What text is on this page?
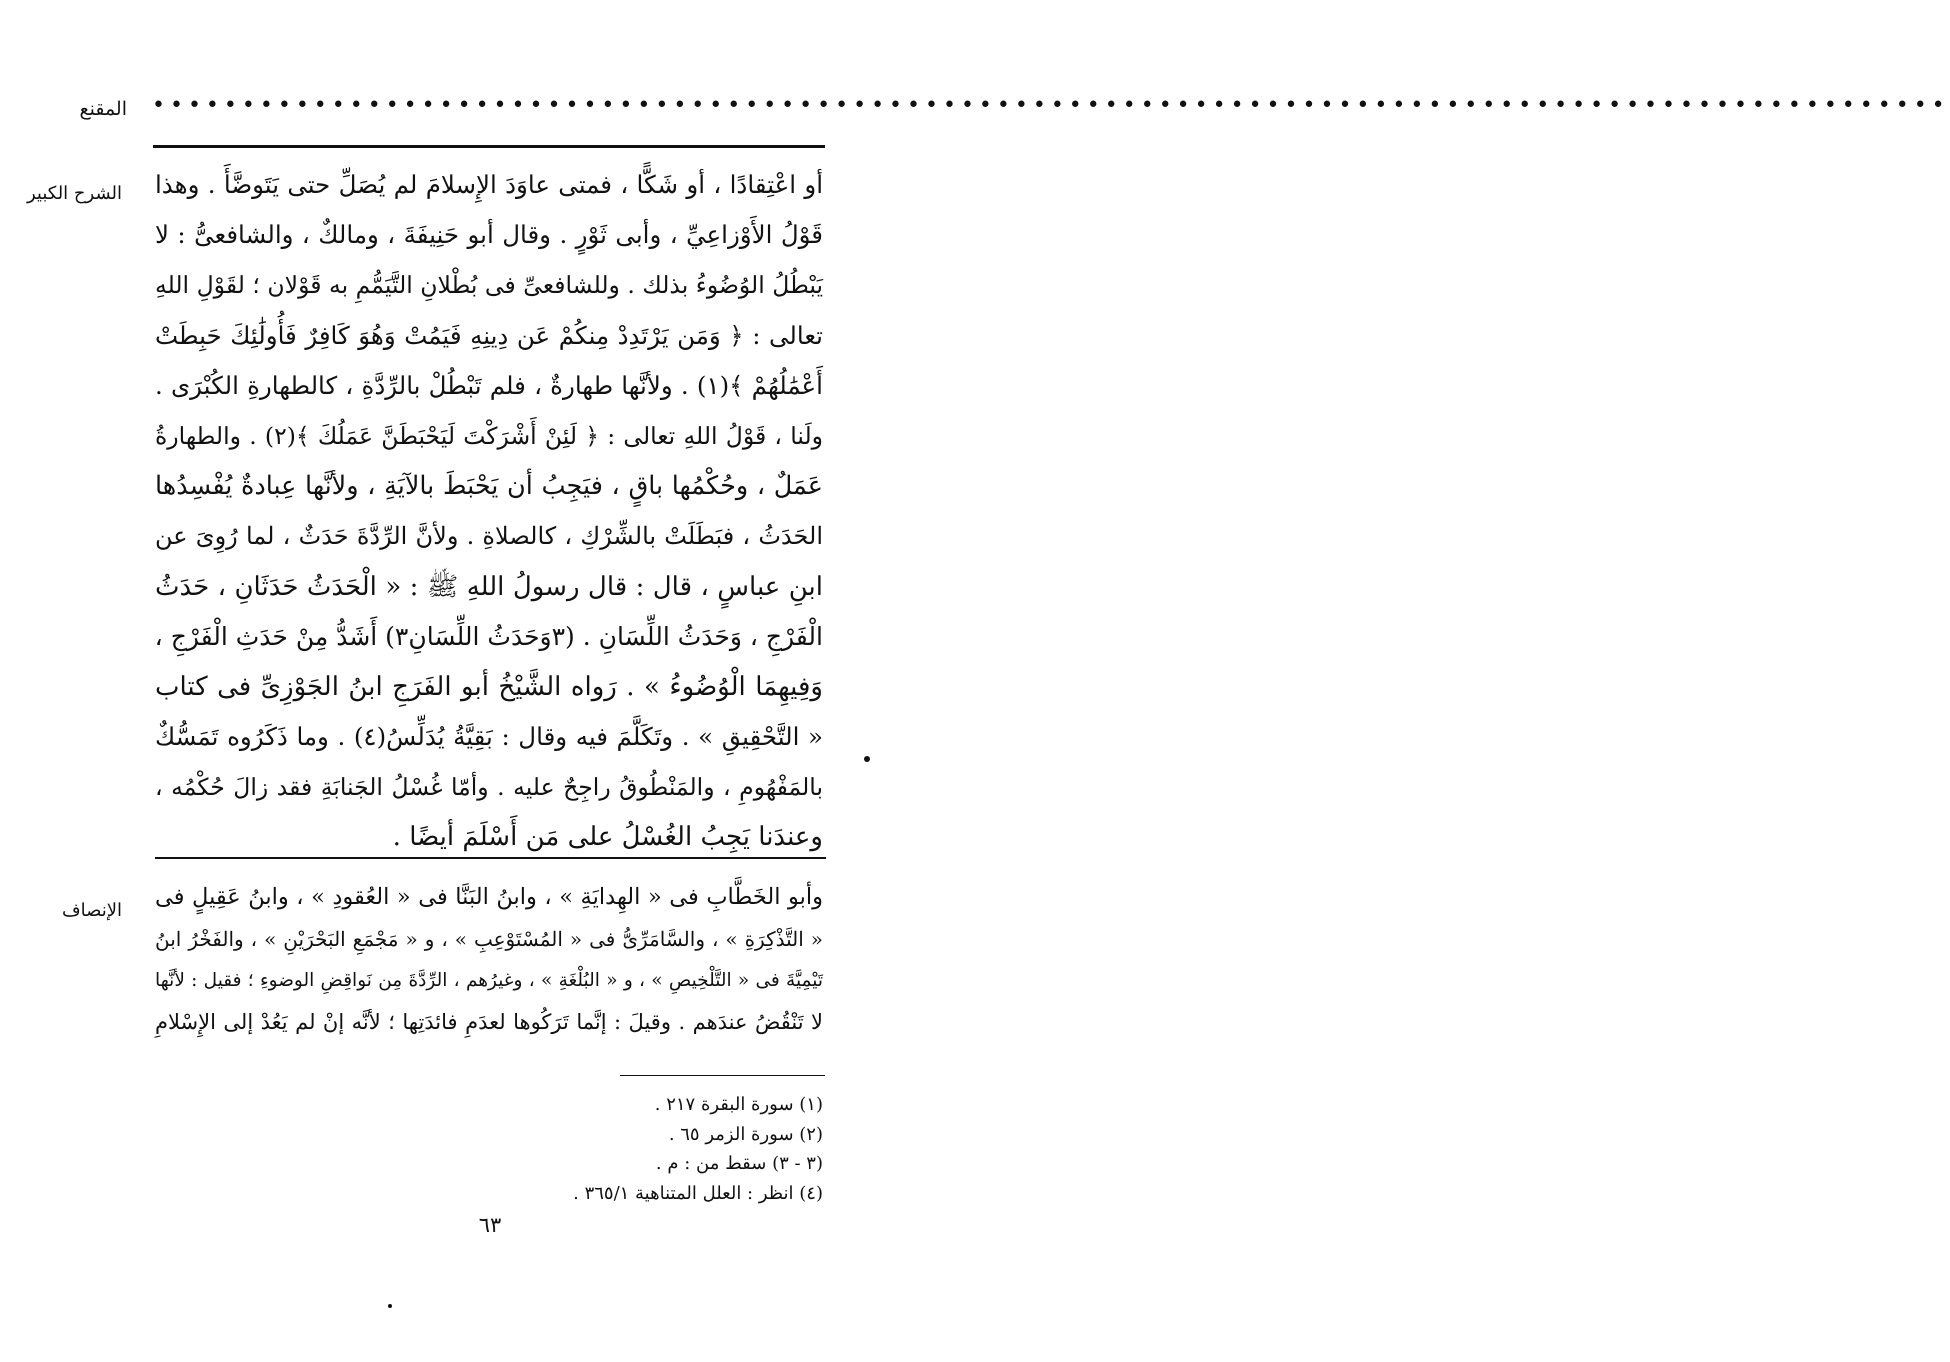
المقنع ••••••••••••••••••••••••••••••••••••••••••••••••••••••••••••••••••••••••••••••••••••••••••••••••••••
الشرح الكبير أو اعْتِقادًا ، أو شَكًّا ، فمتى عاوَدَ الإِسلامَ لم يُصَلِّ حتى يَتَوضَّأَ . وهذا
قَوْلُ الأَوْزاعِيِّ ، وأبى ثَوْرٍ . وقال أبو حَنِيفَةَ ، ومالكٌ ، والشافعىُّ : لا
يَبْطُلُ الوُضُوءُ بذلك . وللشافعىِّ فى بُطْلانِ التَّيَمُّمِ به قَوْلان ؛ لقَوْلِ اللهِ
تعالى : ﴿ وَمَن يَرْتَدِدْ مِنكُمْ عَن دِينِهِ فَيَمُتْ وَهُوَ كَافِرٌ فَأُولَٰئِكَ حَبِطَتْ
أَعْمَٰلُهُمْ ﴾(١) . ولأنَّها طهارةٌ ، فلم تَبْطُلْ بالرِّدَّةِ ، كالطهارةِ الكُبْرَى .
ولَنا ، قَوْلُ اللهِ تعالى : ﴿ لَئِنْ أَشْرَكْتَ لَيَحْبَطَنَّ عَمَلُكَ ﴾(٢) . والطهارةُ
عَمَلٌ ، وحُكْمُها باقٍ ، فيَجِبُ أن يَحْبَطَ بالآيَةِ ، ولأنَّها عِبادةٌ يُفْسِدُها
الحَدَثُ ، فبَطَلَتْ بالشِّرْكِ ، كالصلاةِ . ولأنَّ الرِّدَّةَ حَدَثٌ ، لما رُوِىَ عن
ابنِ عباسٍ ، قال : قال رسولُ اللهِ ﷺ : « الْحَدَثُ حَدَثَانِ ، حَدَثُ
الْفَرْجِ ، وَحَدَثُ اللِّسَانِ . (٣وَحَدَثُ اللِّسَانِ٣) أَشَدُّ مِنْ حَدَثِ الْفَرْجِ ،
وَفِيهِمَا الْوُضُوءُ » . رَواه الشَّيْخُ أبو الفَرَجِ ابنُ الجَوْزِىِّ فى كتاب
« التَّحْقِيقِ » . وتَكَلَّمَ فيه وقال : بَقِيَّةُ يُدَلِّسُ(٤) . وما ذَكَرُوه تَمَسُّكٌ
بالمَفْهُومِ ، والمَنْطُوقُ راجِحٌ عليه . وأمّا غُسْلُ الجَنابَةِ فقد زالَ حُكْمُه ،
وعندَنا يَجِبُ الغُسْلُ على مَن أَسْلَمَ أيضًا .
الإنصاف
وأبو الخَطَّابِ فى « الهِدايَةِ » ، وابنُ البَنَّا فى « العُقودِ » ، وابنُ عَقِيلٍ فى
« التَّذْكِرَةِ » ، والسَّامَرِّىُّ فى « المُسْتَوْعِبِ » ، و « مَجْمَعِ البَحْرَيْنِ » ، والفَخْرُ ابنُ
تَيْمِيَّةَ فى « التَّلْخِيصِ » ، و « البُلْغَةِ » ، وغيرُهم ، الرِّدَّةَ مِن نَواقِضِ الوضوءِ ؛ فقيل : لأنَّها
لا تَنْقُضُ عندَهم . وقيلَ : إنَّما تَرَكُوها لعدَمِ فائدَتِها ؛ لأنَّه إنْ لم يَعُدْ إلى الإِسْلامِ
(١) سورة البقرة ٢١٧ .
(٢) سورة الزمر ٦٥ .
(٣ - ٣) سقط من : م .
(٤) انظر : العلل المتناهية ٣٦٥/١ .
٦٣
